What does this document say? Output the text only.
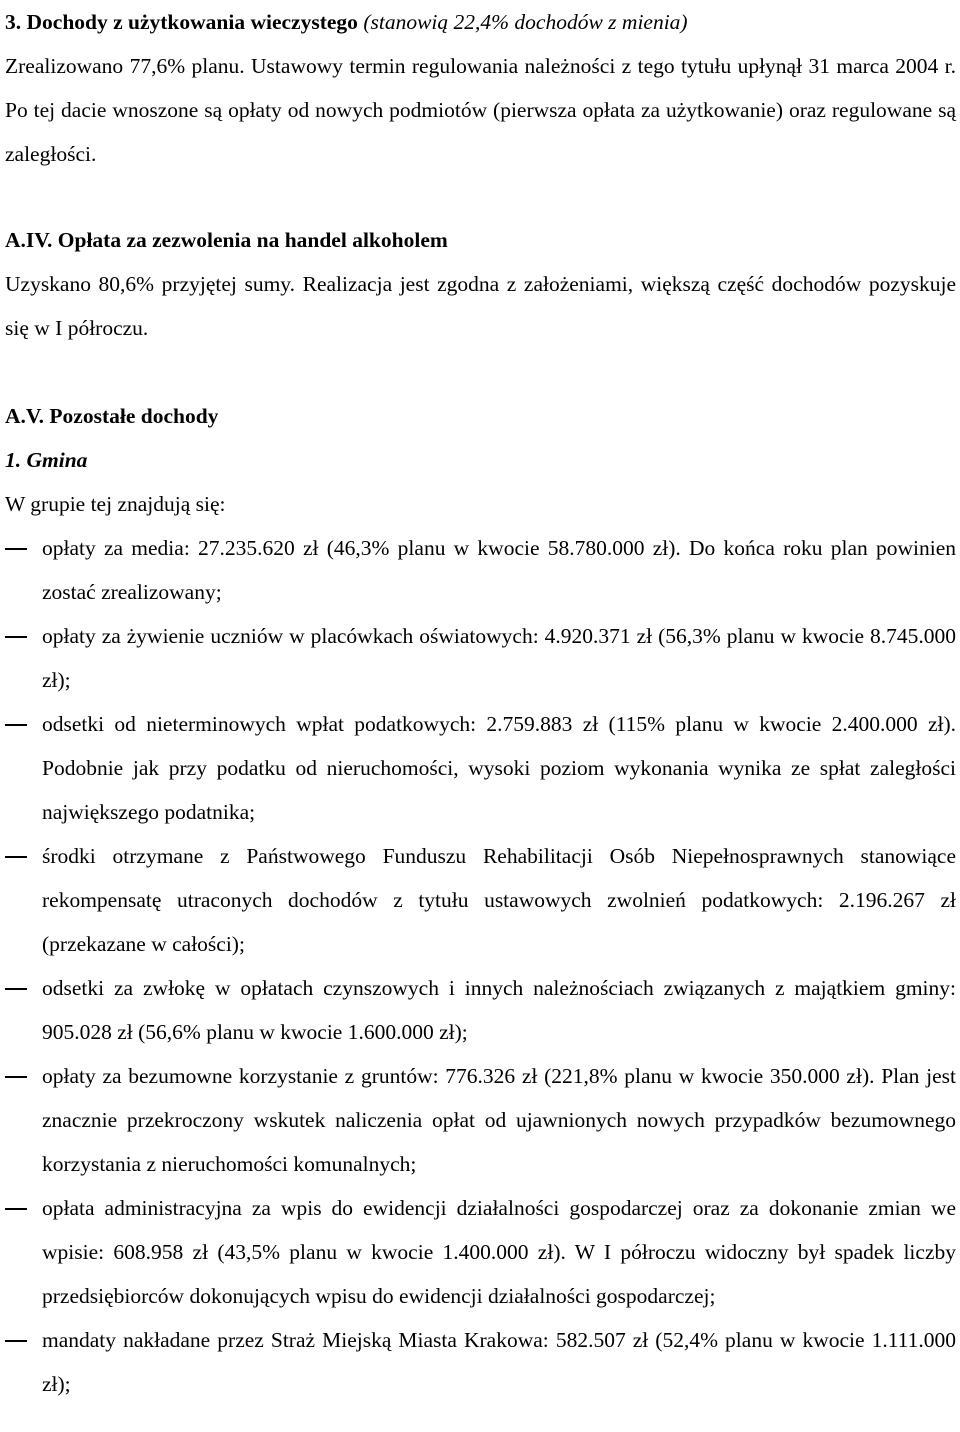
3. Dochody z użytkowania wieczystego (stanowią 22,4% dochodów z mienia)

Zrealizowano 77,6% planu. Ustawowy termin regulowania należności z tego tytułu upłynął 31 marca 2004 r. Po tej dacie wnoszone są opłaty od nowych podmiotów (pierwsza opłata za użytkowanie) oraz regulowane są zaległości.

A.IV. Opłata za zezwolenia na handel alkoholem

Uzyskano 80,6% przyjętej sumy. Realizacja jest zgodna z założeniami, większą część dochodów pozyskuje się w I półroczu.

A.V. Pozostałe dochody

1. Gmina

W grupie tej znajdują się:

opłaty za media: 27.235.620 zł (46,3% planu w kwocie 58.780.000 zł). Do końca roku plan powinien zostać zrealizowany;
opłaty za żywienie uczniów w placówkach oświatowych: 4.920.371 zł (56,3% planu w kwocie 8.745.000 zł);
odsetki od nieterminowych wpłat podatkowych: 2.759.883 zł (115% planu w kwocie 2.400.000 zł). Podobnie jak przy podatku od nieruchomości, wysoki poziom wykonania wynika ze spłat zaległości największego podatnika;
środki otrzymane z Państwowego Funduszu Rehabilitacji Osób Niepełnosprawnych stanowiące rekompensatę utraconych dochodów z tytułu ustawowych zwolnień podatkowych: 2.196.267 zł (przekazane w całości);
odsetki za zwłokę w opłatach czynszowych i innych należnościach związanych z majątkiem gminy: 905.028 zł (56,6% planu w kwocie 1.600.000 zł);
opłaty za bezumowne korzystanie z gruntów: 776.326 zł (221,8% planu w kwocie 350.000 zł). Plan jest znacznie przekroczony wskutek naliczenia opłat od ujawnionych nowych przypadków bezumownego korzystania z nieruchomości komunalnych;
opłata administracyjna za wpis do ewidencji działalności gospodarczej oraz za dokonanie zmian we wpisie: 608.958 zł (43,5% planu w kwocie 1.400.000 zł). W I półroczu widoczny był spadek liczby przedsiębiorców dokonujących wpisu do ewidencji działalności gospodarczej;
mandaty nakładane przez Straż Miejską Miasta Krakowa: 582.507 zł (52,4% planu w kwocie 1.111.000 zł);
